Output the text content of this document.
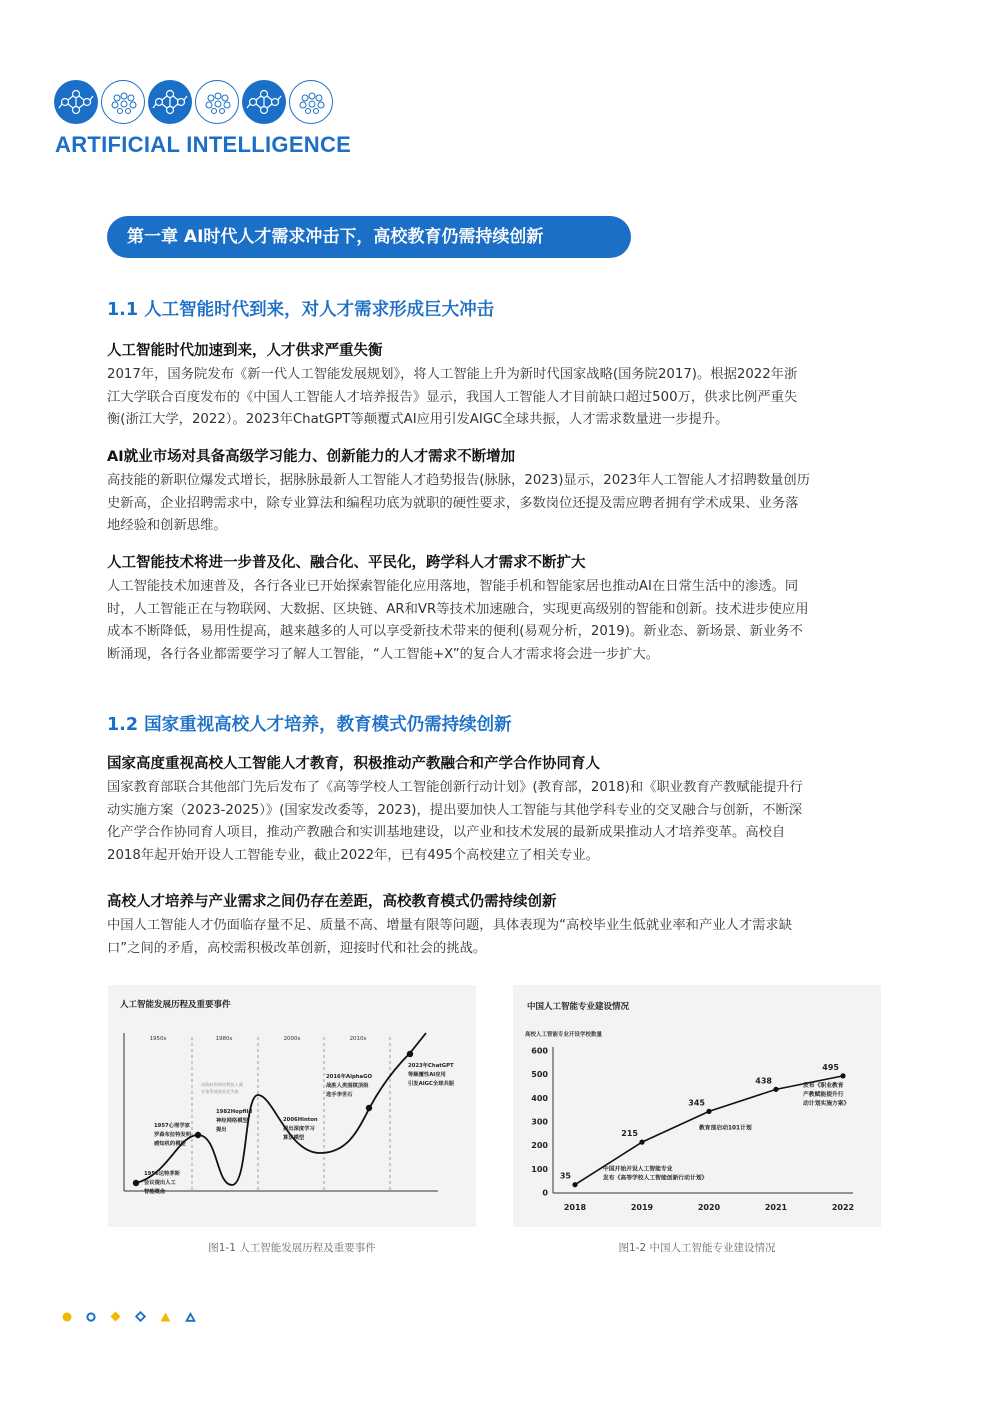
ARTIFICIAL INTELLIGENCE
第一章 AI时代人才需求冲击下，高校教育仍需持续创新
1.1 人工智能时代到来，对人才需求形成巨大冲击
人工智能时代加速到来，人才供求严重失衡
2017年，国务院发布《新一代人工智能发展规划》，将人工智能上升为新时代国家战略(国务院2017)。根据2022年浙
江大学联合百度发布的《中国人工智能人才培养报告》显示，我国人工智能人才目前缺口超过500万，供求比例严重失
衡(浙江大学，2022）。2023年ChatGPT等颠覆式AI应用引发AIGC全球共振，人才需求数量进一步提升。
AI就业市场对具备高级学习能力、创新能力的人才需求不断增加
高技能的新职位爆发式增长，据脉脉最新人工智能人才趋势报告(脉脉，2023)显示，2023年人工智能人才招聘数量创历
史新高，企业招聘需求中，除专业算法和编程功底为就职的硬性要求，多数岗位还提及需应聘者拥有学术成果、业务落
地经验和创新思维。
人工智能技术将进一步普及化、融合化、平民化，跨学科人才需求不断扩大
人工智能技术加速普及，各行各业已开始探索智能化应用落地，智能手机和智能家居也推动AI在日常生活中的渗透。同
时，人工智能正在与物联网、大数据、区块链、AR和VR等技术加速融合，实现更高级别的智能和创新。技术进步使应用
成本不断降低，易用性提高，越来越多的人可以享受新技术带来的便利(易观分析，2019)。新业态、新场景、新业务不
断涌现，各行各业都需要学习了解人工智能，“人工智能+X”的复合人才需求将会进一步扩大。
1.2 国家重视高校人才培养，教育模式仍需持续创新
国家高度重视高校人工智能人才教育，积极推动产教融合和产学合作协同育人
国家教育部联合其他部门先后发布了《高等学校人工智能创新行动计划》(教育部，2018)和《职业教育产教赋能提升行
动实施方案（2023-2025）》(国家发改委等，2023)，提出要加快人工智能与其他学科专业的交叉融合与创新，不断深
化产学合作协同育人项目，推动产教融合和实训基地建设，以产业和技术发展的最新成果推动人才培养变革。高校自
2018年起开始开设人工智能专业，截止2022年，已有495个高校建立了相关专业。
高校人才培养与产业需求之间仍存在差距，高校教育模式仍需持续创新
中国人工智能人才仍面临存量不足、质量不高、增量有限等问题，具体表现为“高校毕业生低就业率和产业人才需求缺
口”之间的矛盾，高校需积极改革创新，迎接时代和社会的挑战。
人工智能发展历程及重要事件
1950s	1980s	2000s	2010s
1956达特茅斯
会议提出人工
智能概念
1957心理学家
罗森布拉特发明
感知机的模型
1982Hopfild
神经网络模型
提出
2006Hinton
提出深度学习
算法模型
2016年AlphaGO
战胜人类围棋顶级
选手李世石
2023年ChatGPT
等颠覆性AI应用
引发AIGC全球共振
由政府资助经费投入减
专家系统商业化失败
图1-1 人工智能发展历程及重要事件
中国人工智能专业建设情况
高校人工智能专业开设学校数量
0
100
200
300
400
500
600
2018	2019	2020	2021	2022
35
215
345
438
495
中国开始开设人工智能专业
发布《高等学校人工智能创新行动计划》
教育部启动101计划
发布《职业教育
产教赋能提升行
动计划实施方案》
图1-2 中国人工智能专业建设情况
